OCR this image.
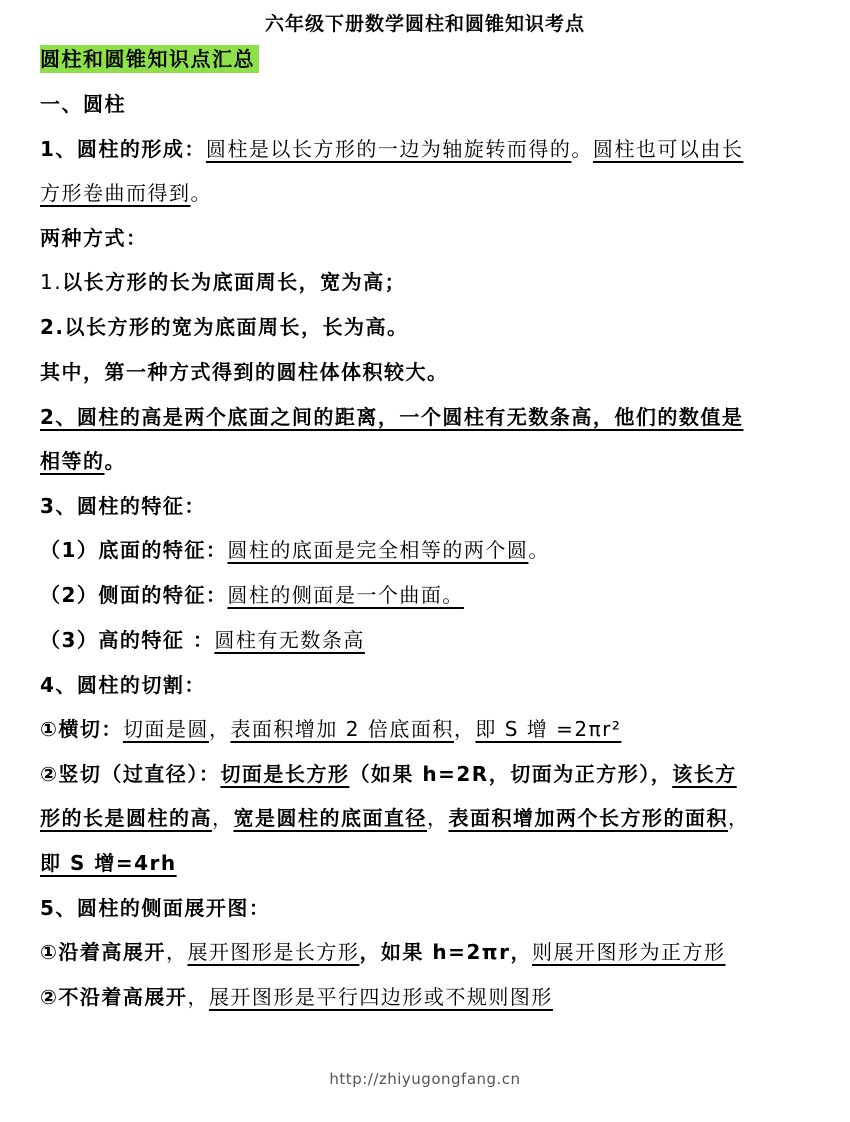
六年级下册数学圆柱和圆锥知识考点
圆柱和圆锥知识点汇总
一、圆柱
1、圆柱的形成：圆柱是以长方形的一边为轴旋转而得的。圆柱也可以由长
方形卷曲而得到。
两种方式：
1.以长方形的长为底面周长，宽为高；
2.以长方形的宽为底面周长，长为高。
其中，第一种方式得到的圆柱体体积较大。
2、圆柱的高是两个底面之间的距离，一个圆柱有无数条高，他们的数值是
相等的。
3、圆柱的特征：
（1）底面的特征：圆柱的底面是完全相等的两个圆。
（2）侧面的特征：圆柱的侧面是一个曲面。
（3）高的特征 ：圆柱有无数条高
4、圆柱的切割：
①横切：切面是圆，表面积增加 2 倍底面积，即 S 增 =2πr²
②竖切（过直径）：切面是长方形（如果 h=2R，切面为正方形），该长方
形的长是圆柱的高，宽是圆柱的底面直径，表面积增加两个长方形的面积，
即 S 增=4rh
5、圆柱的侧面展开图：
①沿着高展开，展开图形是长方形，如果 h=2πr，则展开图形为正方形
②不沿着高展开，展开图形是平行四边形或不规则图形
http://zhiyugongfang.cn
